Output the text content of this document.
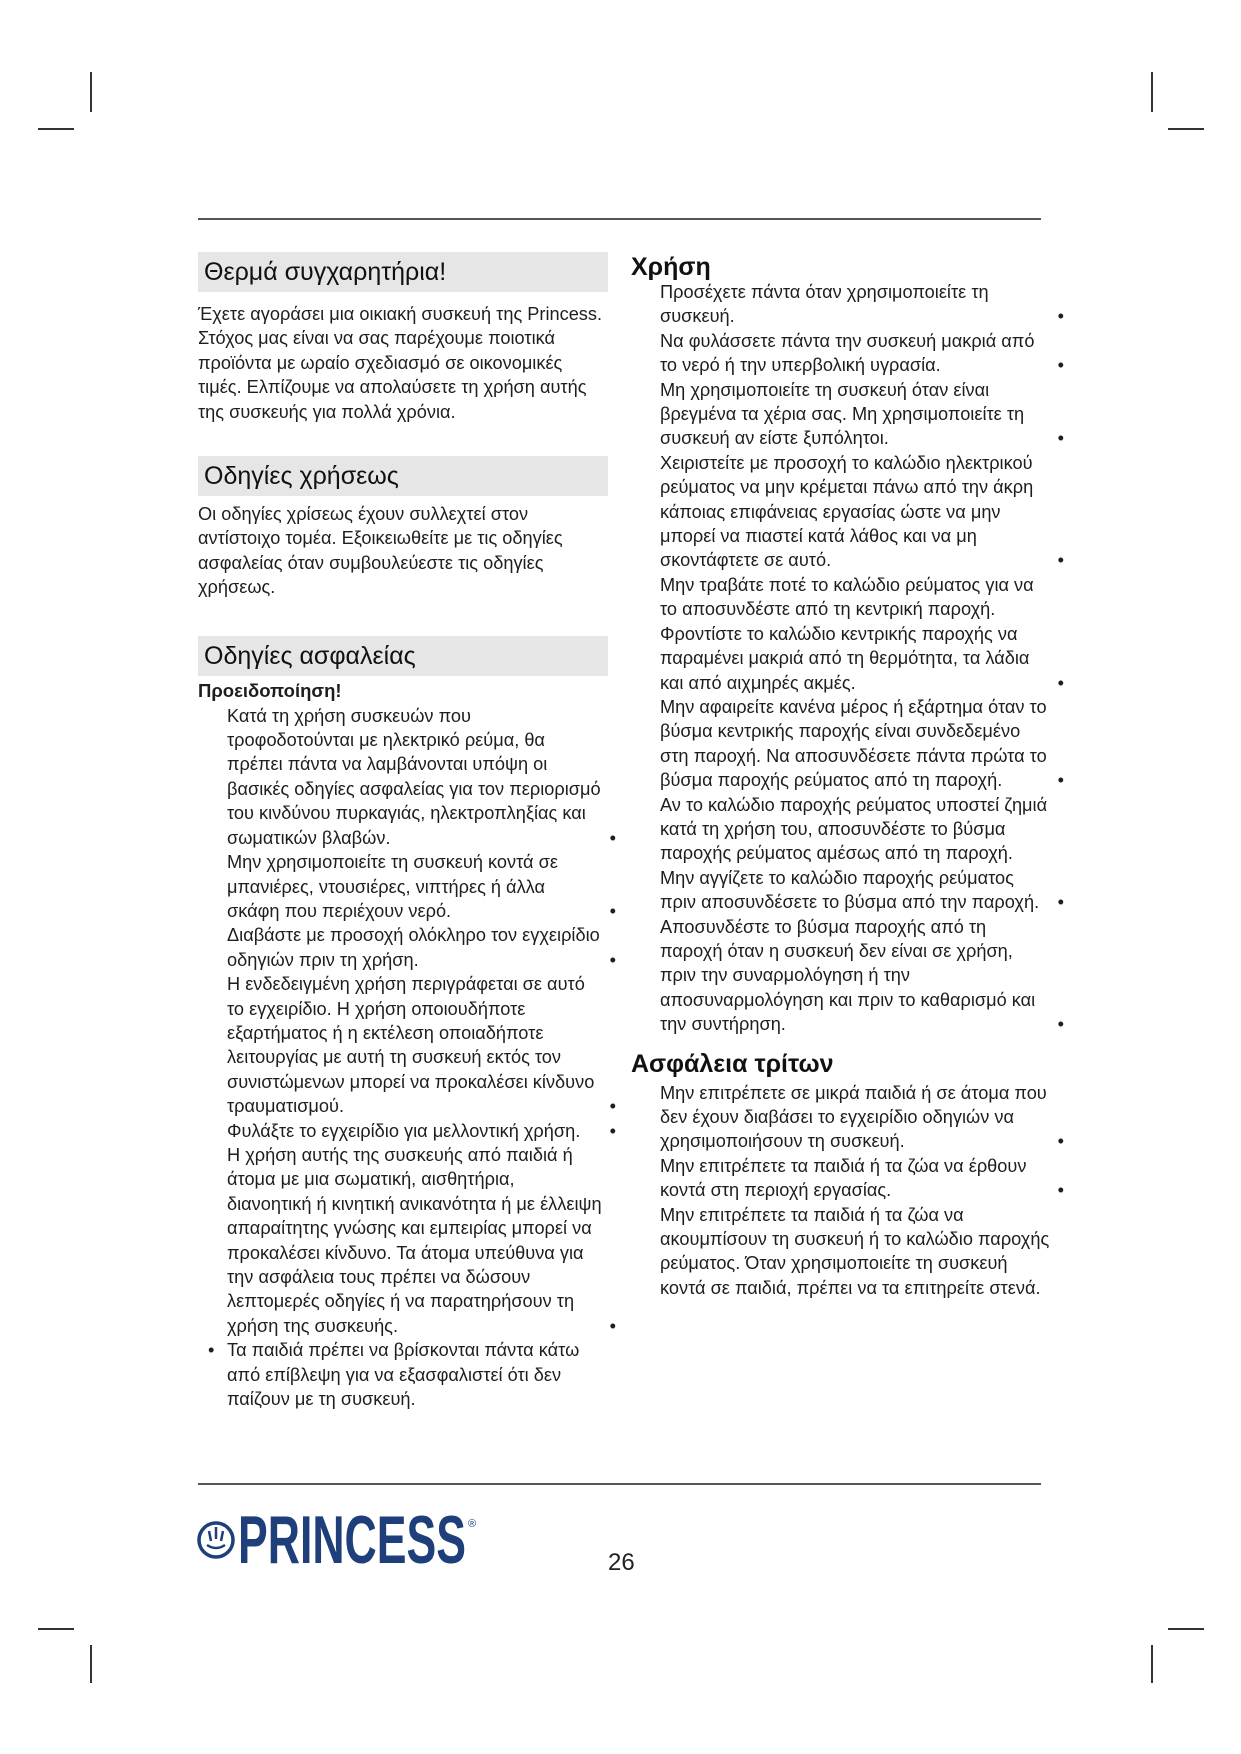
Θερμά συγχαρητήρια!

Έχετε αγοράσει μια οικιακή συσκευή της Princess. Στόχος μας είναι να σας παρέχουμε ποιοτικά προϊόντα με ωραίο σχεδιασμό σε οικονομικές τιμές. Ελπίζουμε να απολαύσετε τη χρήση αυτής της συσκευής για πολλά χρόνια.

Οδηγίες χρήσεως

Οι οδηγίες χρίσεως έχουν συλλεχτεί στον αντίστοιχο τομέα. Εξοικειωθείτε με τις οδηγίες ασφαλείας όταν συμβουλεύεστε τις οδηγίες χρήσεως.

Οδηγίες ασφαλείας
Προειδοποίηση!
Κατά τη χρήση συσκευών που τροφοδοτούνται με ηλεκτρικό ρεύμα, θα πρέπει πάντα να λαμβάνονται υπόψη οι βασικές οδηγίες ασφαλείας για τον περιορισμό του κινδύνου πυρκαγιάς, ηλεκτροπληξίας και σωματικών βλαβών.	•
Μην χρησιμοποιείτε τη συσκευή κοντά σε μπανιέρες, ντουσιέρες, νιπτήρες ή άλλα σκάφη που περιέχουν νερό.	•
Διαβάστε με προσοχή ολόκληρο τον εγχειρίδιο οδηγιών πριν τη χρήση.	•
Η ενδεδειγμένη χρήση περιγράφεται σε αυτό το εγχειρίδιο. Η χρήση οποιουδήποτε εξαρτήματος ή η εκτέλεση οποιαδήποτε λειτουργίας με αυτή τη συσκευή εκτός τον συνιστώμενων μπορεί να προκαλέσει κίνδυνο τραυματισμού.	•
Φυλάξτε το εγχειρίδιο για μελλοντική χρήση. •
Η χρήση αυτής της συσκευής από παιδιά ή άτομα με μια σωματική, αισθητήρια, διανοητική ή κινητική ανικανότητα ή με έλλειψη απαραίτητης γνώσης και εμπειρίας μπορεί να προκαλέσει κίνδυνο. Τα άτομα υπεύθυνα για την ασφάλεια τους πρέπει να δώσουν λεπτομερές οδηγίες ή να παρατηρήσουν τη χρήση της συσκευής.	•
• Τα παιδιά πρέπει να βρίσκονται πάντα κάτω από επίβλεψη για να εξασφαλιστεί ότι δεν παίζουν με τη συσκευή.
Χρήση
Προσέχετε πάντα όταν χρησιμοποιείτε τη συσκευή.	•
Να φυλάσσετε πάντα την συσκευή μακριά από το νερό ή την υπερβολική υγρασία.	•
Μη χρησιμοποιείτε τη συσκευή όταν είναι βρεγμένα τα χέρια σας. Μη χρησιμοποιείτε τη συσκευή αν είστε ξυπόλητοι.	•
Χειριστείτε με προσοχή το καλώδιο ηλεκτρικού ρεύματος να μην κρέμεται πάνω από την άκρη κάποιας επιφάνειας εργασίας ώστε να μην μπορεί να πιαστεί κατά λάθος και να μη σκοντάφτετε σε αυτό.	•
Μην τραβάτε ποτέ το καλώδιο ρεύματος για να το αποσυνδέστε από τη κεντρική παροχή. Φροντίστε το καλώδιο κεντρικής παροχής να παραμένει μακριά από τη θερμότητα, τα λάδια και από αιχμηρές ακμές.	•
Μην αφαιρείτε κανένα μέρος ή εξάρτημα όταν το βύσμα κεντρικής παροχής είναι συνδεδεμένο στη παροχή. Να αποσυνδέσετε πάντα πρώτα το βύσμα παροχής ρεύματος από τη παροχή.	•
Αν το καλώδιο παροχής ρεύματος υποστεί ζημιά κατά τη χρήση του, αποσυνδέστε το βύσμα παροχής ρεύματος αμέσως από τη παροχή. Μην αγγίζετε το καλώδιο παροχής ρεύματος πριν αποσυνδέσετε το βύσμα από την παροχή. •
Αποσυνδέστε το βύσμα παροχής από τη παροχή όταν η συσκευή δεν είναι σε χρήση, πριν την συναρμολόγηση ή την αποσυναρμολόγηση και πριν το καθαρισμό και την συντήρηση.	•
Ασφάλεια τρίτων
Μην επιτρέπετε σε μικρά παιδιά ή σε άτομα που δεν έχουν διαβάσει το εγχειρίδιο οδηγιών να χρησιμοποιήσουν τη συσκευή.	•
Μην επιτρέπετε τα παιδιά ή τα ζώα να έρθουν κοντά στη περιοχή εργασίας.	•
Μην επιτρέπετε τα παιδιά ή τα ζώα να ακουμπίσουν τη συσκευή ή το καλώδιο παροχής ρεύματος. Όταν χρησιμοποιείτε τη συσκευή κοντά σε παιδιά, πρέπει να τα επιτηρείτε στενά.
PRINCESS ®
26
